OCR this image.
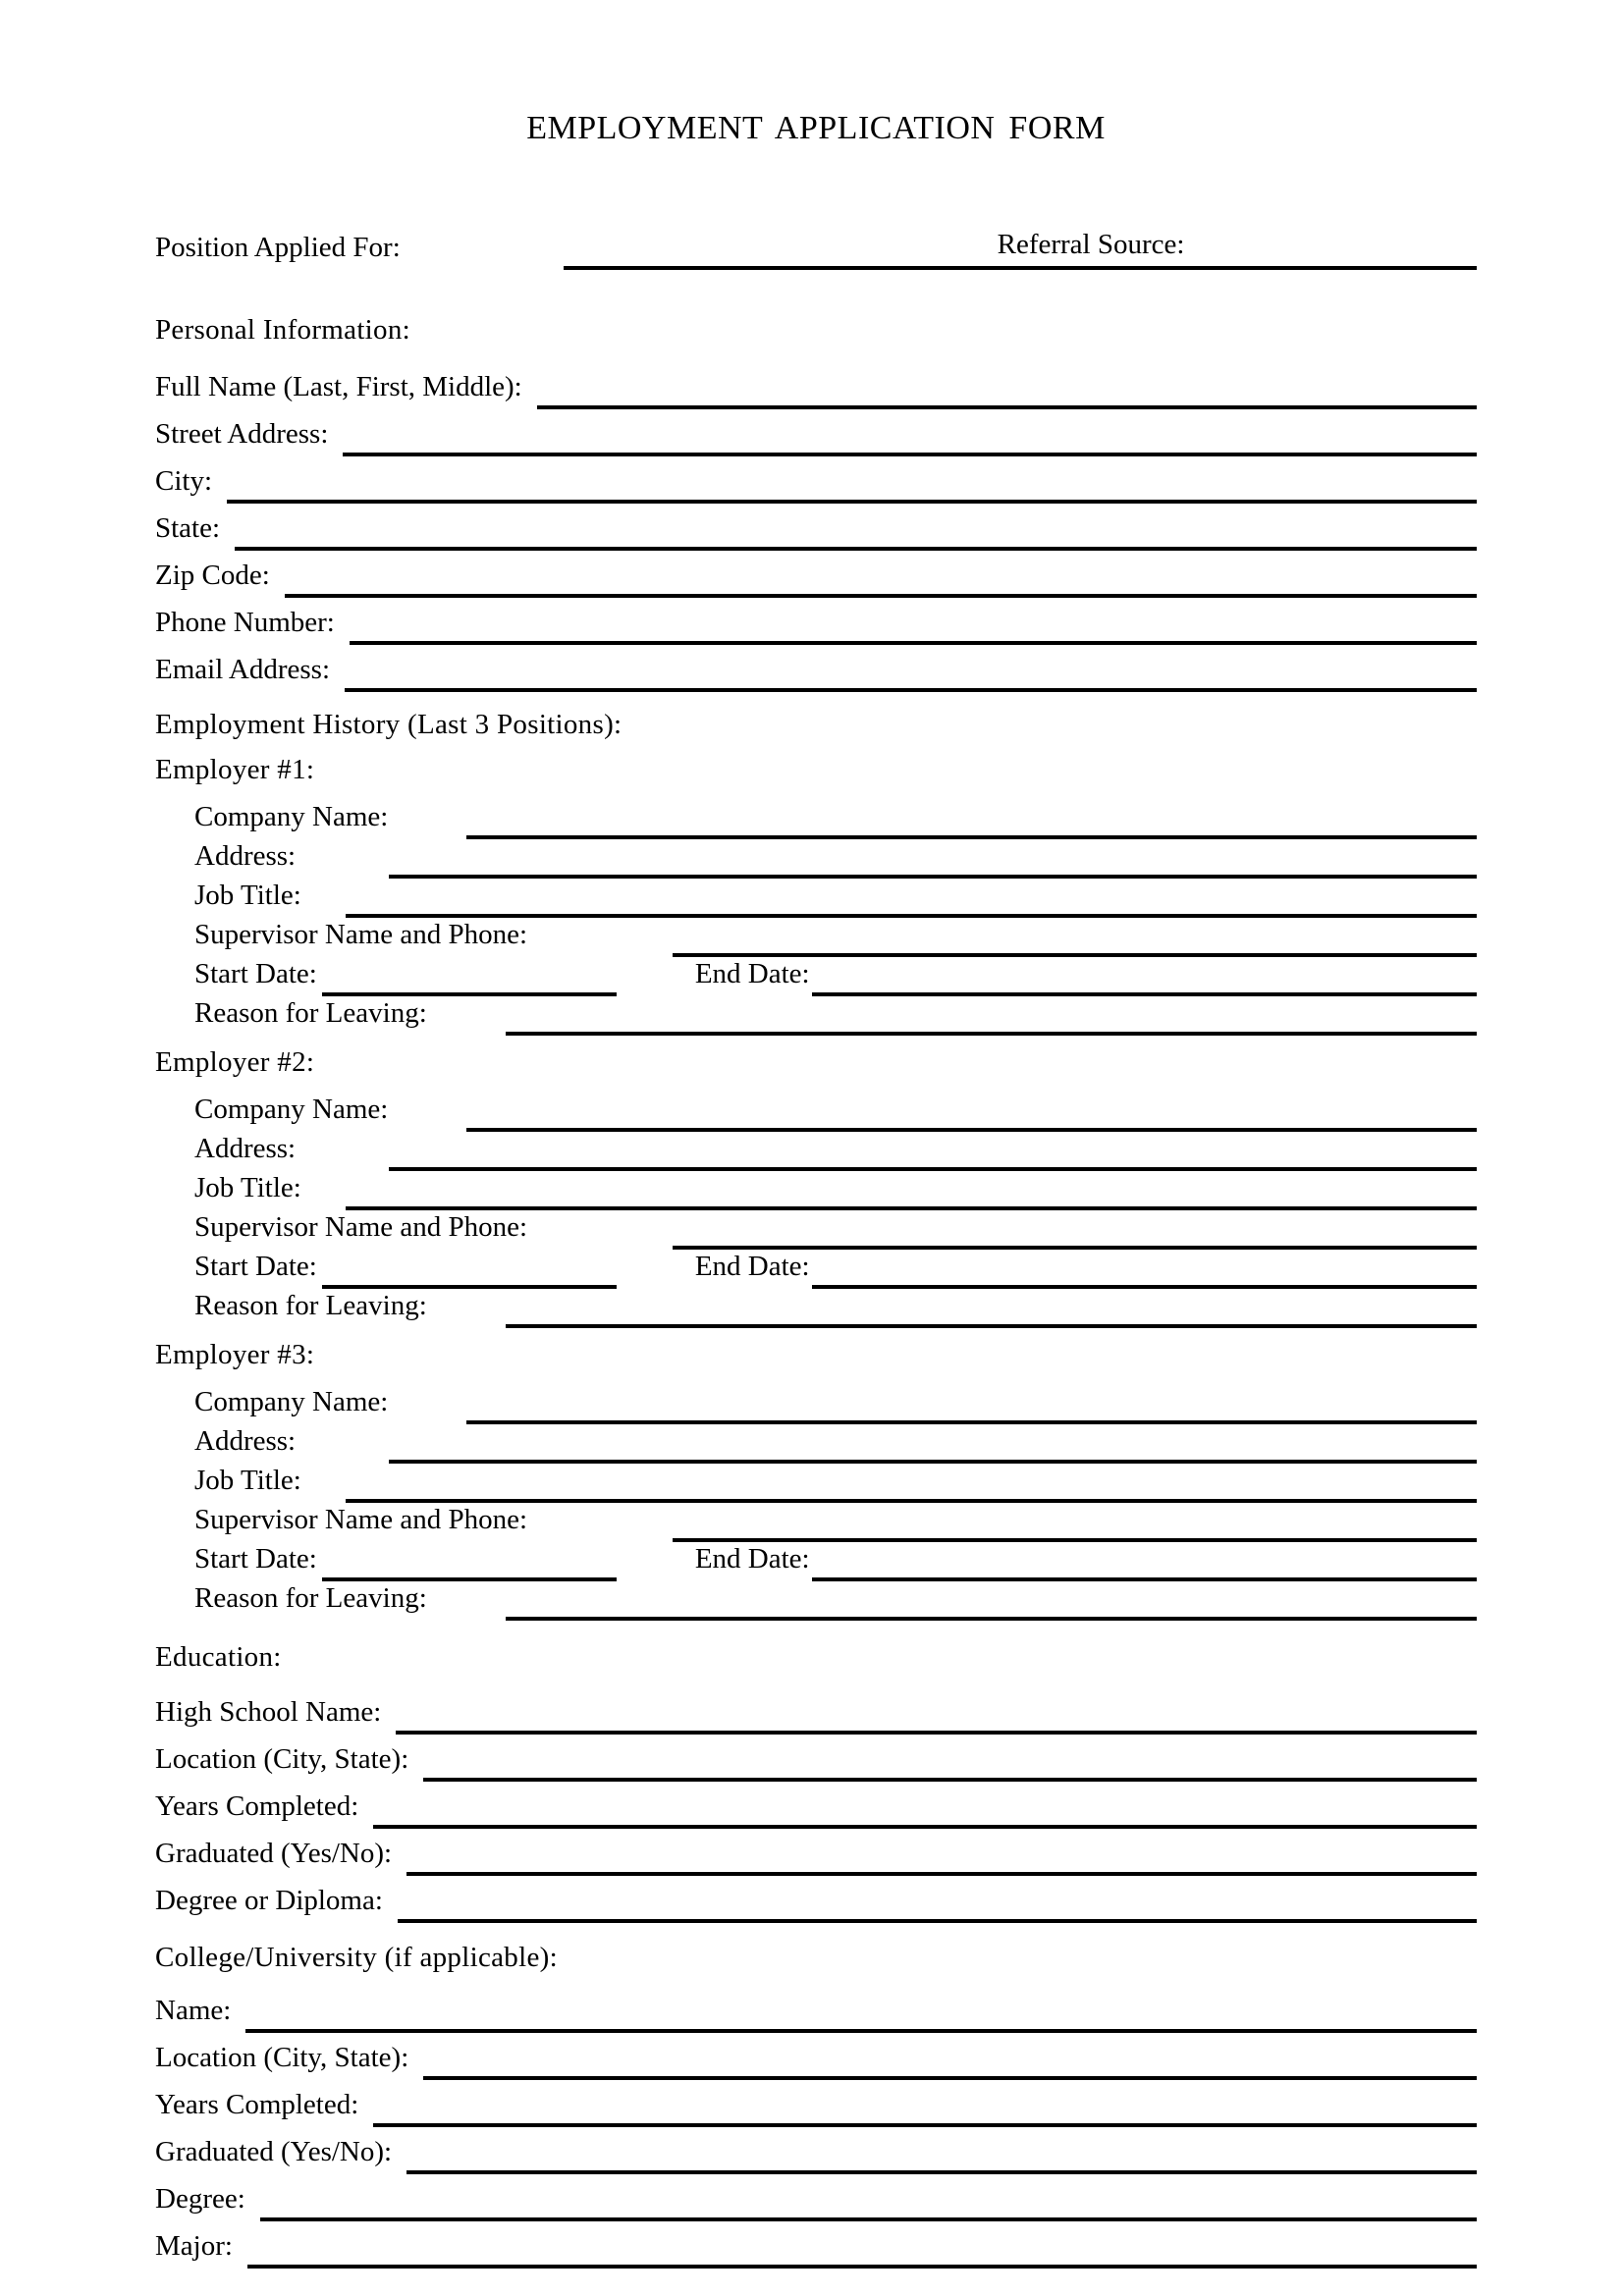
EMPLOYMENT APPLICATION FORM
Position Applied For:	Referral Source:
Personal Information:
Full Name (Last, First, Middle):
Street Address:
City:
State:
Zip Code:
Phone Number:
Email Address:
Employment History (Last 3 Positions):
Employer #1:
Company Name:
Address:
Job Title:
Supervisor Name and Phone:
Start Date:	End Date:
Reason for Leaving:
Employer #2:
Company Name:
Address:
Job Title:
Supervisor Name and Phone:
Start Date:	End Date:
Reason for Leaving:
Employer #3:
Company Name:
Address:
Job Title:
Supervisor Name and Phone:
Start Date:	End Date:
Reason for Leaving:
Education:
High School Name:
Location (City, State):
Years Completed:
Graduated (Yes/No):
Degree or Diploma:
College/University (if applicable):
Name:
Location (City, State):
Years Completed:
Graduated (Yes/No):
Degree:
Major:
